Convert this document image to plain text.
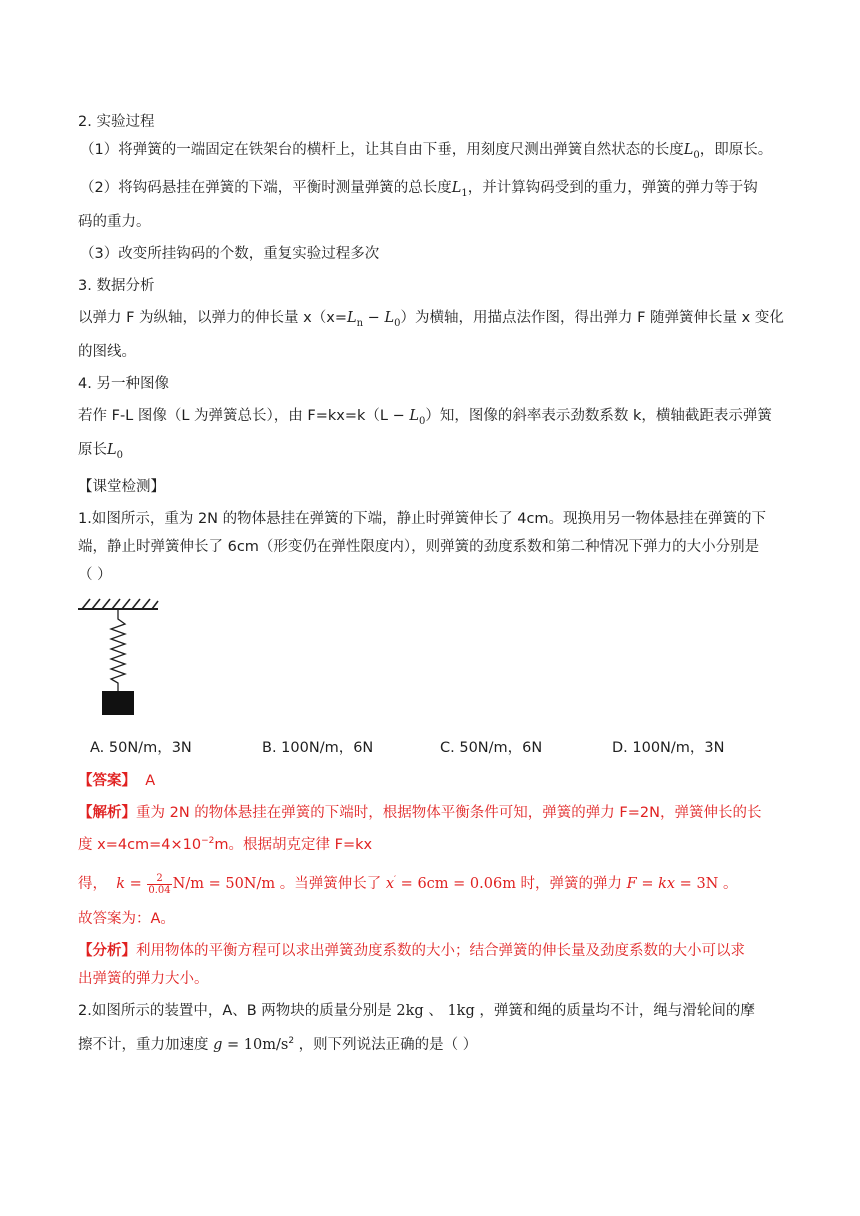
2. 实验过程
（1）将弹簧的一端固定在铁架台的横杆上，让其自由下垂，用刻度尺测出弹簧自然状态的长度$L_0$，即原长。
（2）将钩码悬挂在弹簧的下端，平衡时测量弹簧的总长度$L_1$，并计算钩码受到的重力，弹簧的弹力等于钩
码的重力。
（3）改变所挂钩码的个数，重复实验过程多次
3. 数据分析
以弹力 F 为纵轴，以弹力的伸长量 $x(x=L_n - L_0)$为横轴，用描点法作图，得出弹力 F 随弹簧伸长量 x 变化
的图线。
4. 另一种图像
若作 F-L 图像（L 为弹簧总长），由 $F=kx=k(L - L_0)$知，图像的斜率表示劲数系数 k，横轴截距表示弹簧
原长$L_0$
【课堂检测】
1.如图所示，重为 2N 的物体悬挂在弹簧的下端，静止时弹簧伸长了 4cm。现换用另一物体悬挂在弹簧的下
端，静止时弹簧伸长了 6cm（形变仍在弹性限度内），则弹簧的劲度系数和第二种情况下弹力的大小分别是
（ ）
A. 50N/m，3N	B. 100N/m，6N	C. 50N/m，6N	D. 100N/m，3N
【答案】 A
【解析】重为 2N 的物体悬挂在弹簧的下端时，根据物体平衡条件可知，弹簧的弹力 F=2N，弹簧伸长的长
度 $x=4cm=4\times 10^{-2}m$。根据胡克定律 F=kx
得， $k = \frac{2}{0.04} N/m = 50N/m$ 。当弹簧伸长了 x′ = 6cm = 0.06m 时，弹簧的弹力 F = kx = 3N 。
故答案为：A。
【分析】利用物体的平衡方程可以求出弹簧劲度系数的大小；结合弹簧的伸长量及劲度系数的大小可以求
出弹簧的弹力大小。
2.如图所示的装置中，A、B 两物块的质量分别是 2kg 、 1kg ，弹簧和绳的质量均不计，绳与滑轮间的摩
擦不计，重力加速度 $g = 10m/s^2$ ，则下列说法正确的是（ ）
